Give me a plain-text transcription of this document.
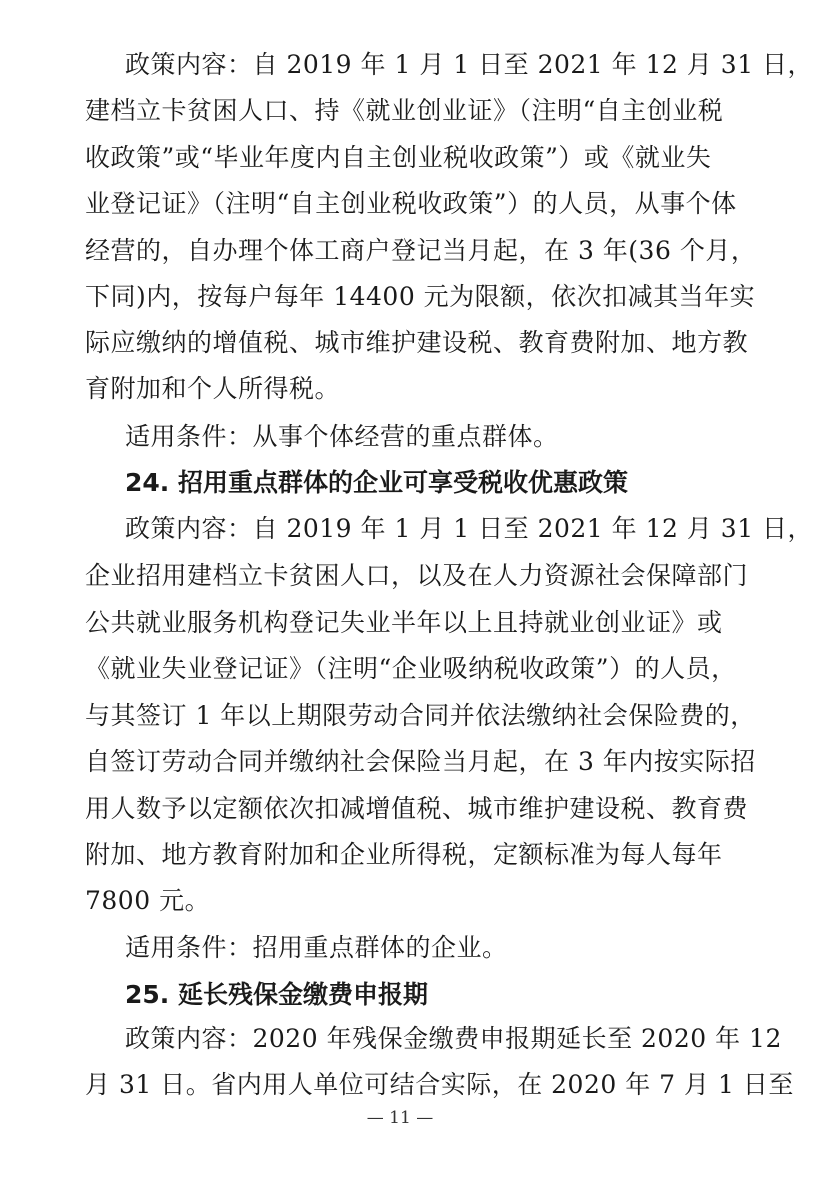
政策内容：自 2019 年 1 月 1 日至 2021 年 12 月 31 日，
建档立卡贫困人口、持《就业创业证》（注明“自主创业税
收政策”或“毕业年度内自主创业税收政策”）或《就业失
业登记证》（注明“自主创业税收政策”）的人员，从事个体
经营的，自办理个体工商户登记当月起，在 3 年(36 个月，
下同)内，按每户每年 14400 元为限额，依次扣减其当年实
际应缴纳的增值税、城市维护建设税、教育费附加、地方教
育附加和个人所得税。
适用条件：从事个体经营的重点群体。
24. 招用重点群体的企业可享受税收优惠政策
政策内容：自 2019 年 1 月 1 日至 2021 年 12 月 31 日，
企业招用建档立卡贫困人口，以及在人力资源社会保障部门
公共就业服务机构登记失业半年以上且持就业创业证》或
《就业失业登记证》（注明“企业吸纳税收政策”）的人员，
与其签订 1 年以上期限劳动合同并依法缴纳社会保险费的，
自签订劳动合同并缴纳社会保险当月起，在 3 年内按实际招
用人数予以定额依次扣减增值税、城市维护建设税、教育费
附加、地方教育附加和企业所得税，定额标准为每人每年
7800 元。
适用条件：招用重点群体的企业。
25. 延长残保金缴费申报期
政策内容：2020 年残保金缴费申报期延长至 2020 年 12
月 31 日。省内用人单位可结合实际，在 2020 年 7 月 1 日至
— 11 —
